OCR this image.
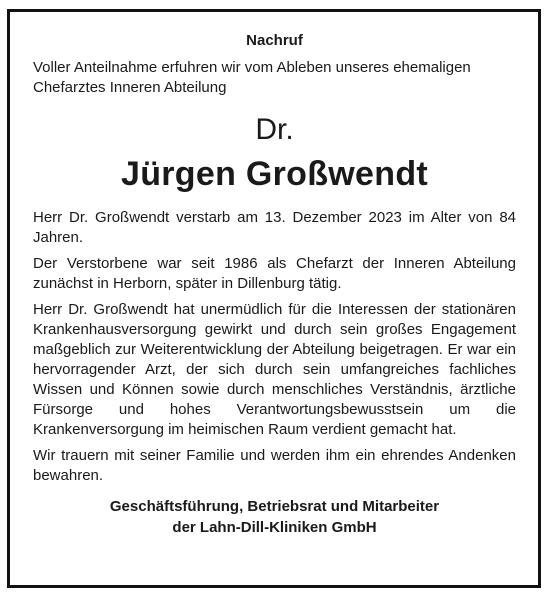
Nachruf

Voller Anteilnahme erfuhren wir vom Ableben unseres ehemaligen Chefarztes Inneren Abteilung

Dr.
Jürgen Großwendt

Herr Dr. Großwendt verstarb am 13. Dezember 2023 im Alter von 84 Jahren.

Der Verstorbene war seit 1986 als Chefarzt der Inneren Abteilung zunächst in Herborn, später in Dillenburg tätig.

Herr Dr. Großwendt hat unermüdlich für die Interessen der stationären Krankenhausversorgung gewirkt und durch sein großes Engagement maßgeblich zur Weiterentwicklung der Abteilung beigetragen. Er war ein hervorragender Arzt, der sich durch sein umfangreiches fachliches Wissen und Können sowie durch menschliches Verständnis, ärztliche Fürsorge und hohes Verantwortungsbewusstsein um die Krankenversorgung im heimischen Raum verdient gemacht hat.

Wir trauern mit seiner Familie und werden ihm ein ehrendes Andenken bewahren.

Geschäftsführung, Betriebsrat und Mitarbeiter
der Lahn-Dill-Kliniken GmbH
